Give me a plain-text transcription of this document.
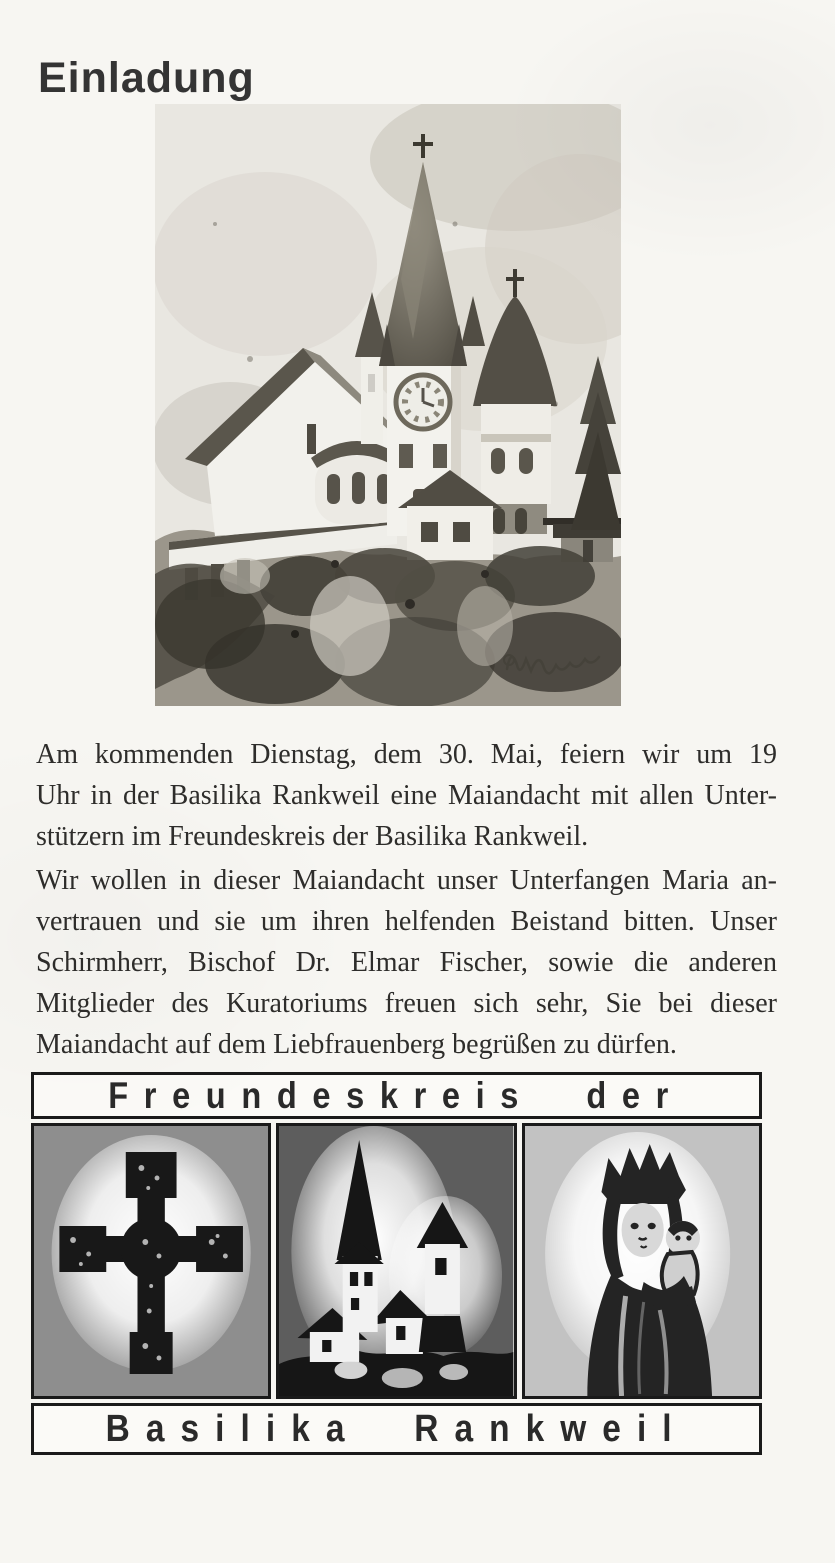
Einladung
Am kommenden Dienstag, dem 30. Mai, feiern wir um 19
Uhr in der Basilika Rankweil eine Maiandacht mit allen Unter-
stützern im Freundeskreis der Basilika Rankweil.
Wir wollen in dieser Maiandacht unser Unterfangen Maria an-
vertrauen und sie um ihren helfenden Beistand bitten. Unser
Schirmherr, Bischof Dr. Elmar Fischer, sowie die anderen
Mitglieder des Kuratoriums freuen sich sehr, Sie bei dieser
Maiandacht auf dem Liebfrauenberg begrüßen zu dürfen.
Freundeskreis der
Basilika Rankweil
